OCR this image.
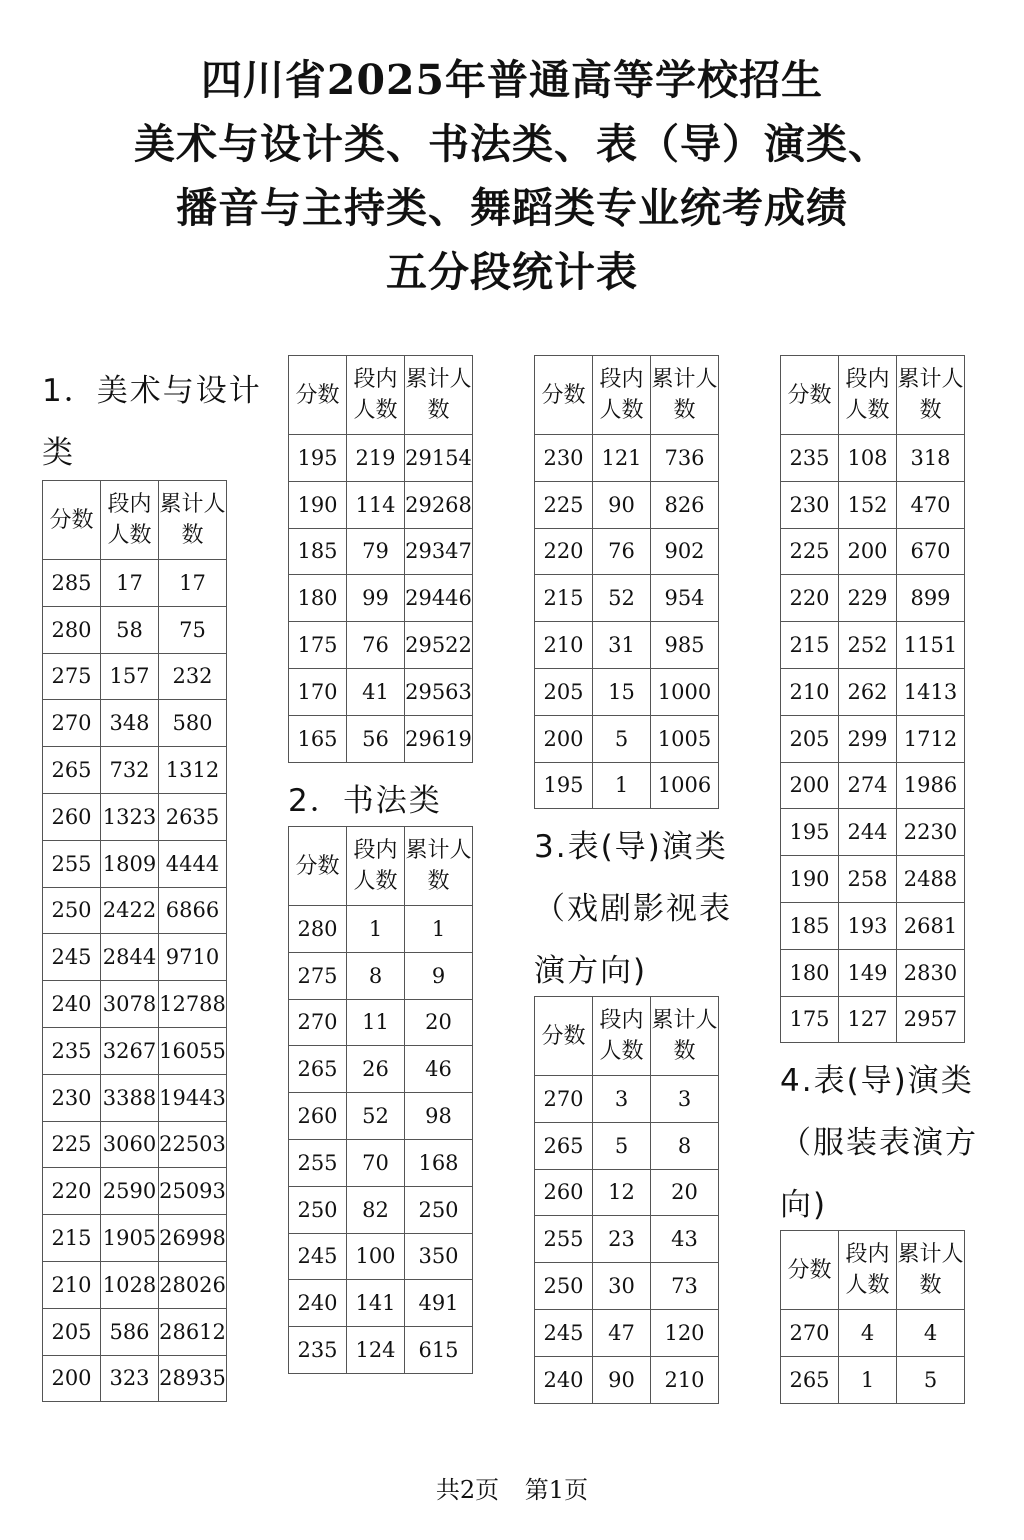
四川省2025年普通高等学校招生
美术与设计类、书法类、表（导）演类、
播音与主持类、舞蹈类专业统考成绩
五分段统计表
1．美术与设计类
分数	段内人数	累计人数
285	17	17
280	58	75
275	157	232
270	348	580
265	732	1312
260	1323	2635
255	1809	4444
250	2422	6866
245	2844	9710
240	3078	12788
235	3267	16055
230	3388	19443
225	3060	22503
220	2590	25093
215	1905	26998
210	1028	28026
205	586	28612
200	323	28935
分数	段内人数	累计人数
195	219	29154
190	114	29268
185	79	29347
180	99	29446
175	76	29522
170	41	29563
165	56	29619
2．书法类
分数	段内人数	累计人数
280	1	1
275	8	9
270	11	20
265	26	46
260	52	98
255	70	168
250	82	250
245	100	350
240	141	491
235	124	615
分数	段内人数	累计人数
230	121	736
225	90	826
220	76	902
215	52	954
210	31	985
205	15	1000
200	5	1005
195	1	1006
3.表(导)演类（戏剧影视表演方向)
分数	段内人数	累计人数
270	3	3
265	5	8
260	12	20
255	23	43
250	30	73
245	47	120
240	90	210
分数	段内人数	累计人数
235	108	318
230	152	470
225	200	670
220	229	899
215	252	1151
210	262	1413
205	299	1712
200	274	1986
195	244	2230
190	258	2488
185	193	2681
180	149	2830
175	127	2957
4.表(导)演类（服装表演方向)
分数	段内人数	累计人数
270	4	4
265	1	5
共2页 第1页
